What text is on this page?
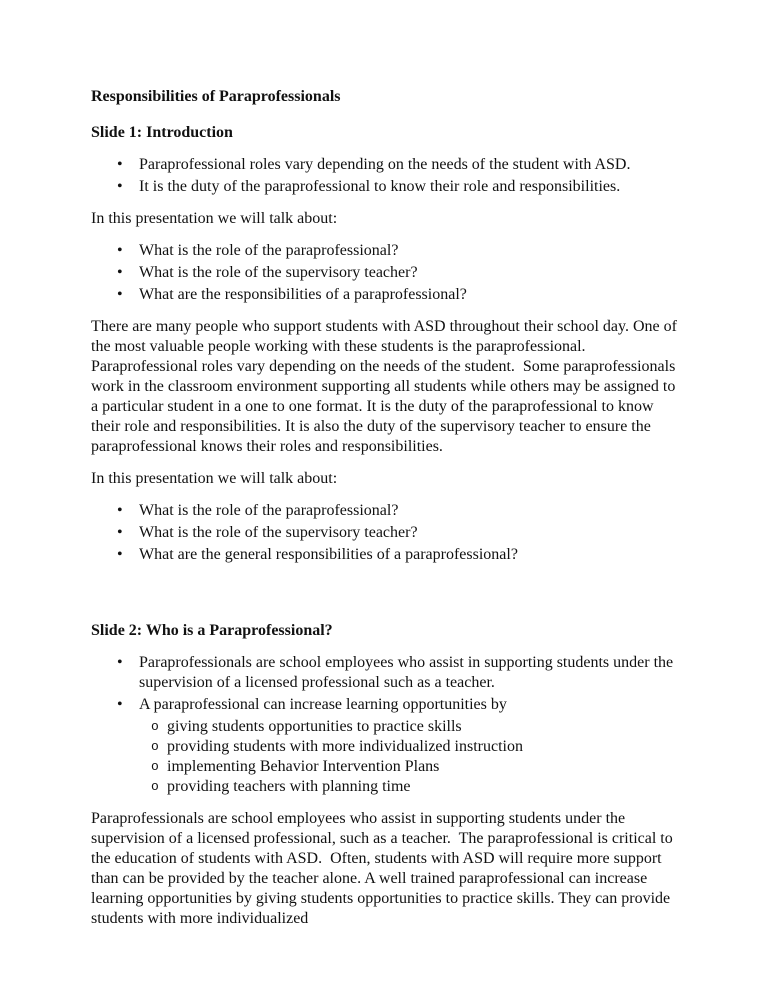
Responsibilities of Paraprofessionals
Slide 1: Introduction
• Paraprofessional roles vary depending on the needs of the student with ASD.
• It is the duty of the paraprofessional to know their role and responsibilities.

In this presentation we will talk about:

• What is the role of the paraprofessional?
• What is the role of the supervisory teacher?
• What are the responsibilities of a paraprofessional?

There are many people who support students with ASD throughout their school day. One of the most valuable people working with these students is the paraprofessional.  Paraprofessional roles vary depending on the needs of the student.  Some paraprofessionals work in the classroom environment supporting all students while others may be assigned to a particular student in a one to one format. It is the duty of the paraprofessional to know their role and responsibilities. It is also the duty of the supervisory teacher to ensure the paraprofessional knows their roles and responsibilities.

In this presentation we will talk about:

• What is the role of the paraprofessional?
• What is the role of the supervisory teacher?
• What are the general responsibilities of a paraprofessional?
Slide 2: Who is a Paraprofessional?
• Paraprofessionals are school employees who assist in supporting students under the supervision of a licensed professional such as a teacher.
• A paraprofessional can increase learning opportunities by
o giving students opportunities to practice skills
o providing students with more individualized instruction
o implementing Behavior Intervention Plans
o providing teachers with planning time

Paraprofessionals are school employees who assist in supporting students under the supervision of a licensed professional, such as a teacher.  The paraprofessional is critical to the education of students with ASD.  Often, students with ASD will require more support than can be provided by the teacher alone. A well trained paraprofessional can increase learning opportunities by giving students opportunities to practice skills. They can provide students with more individualized
